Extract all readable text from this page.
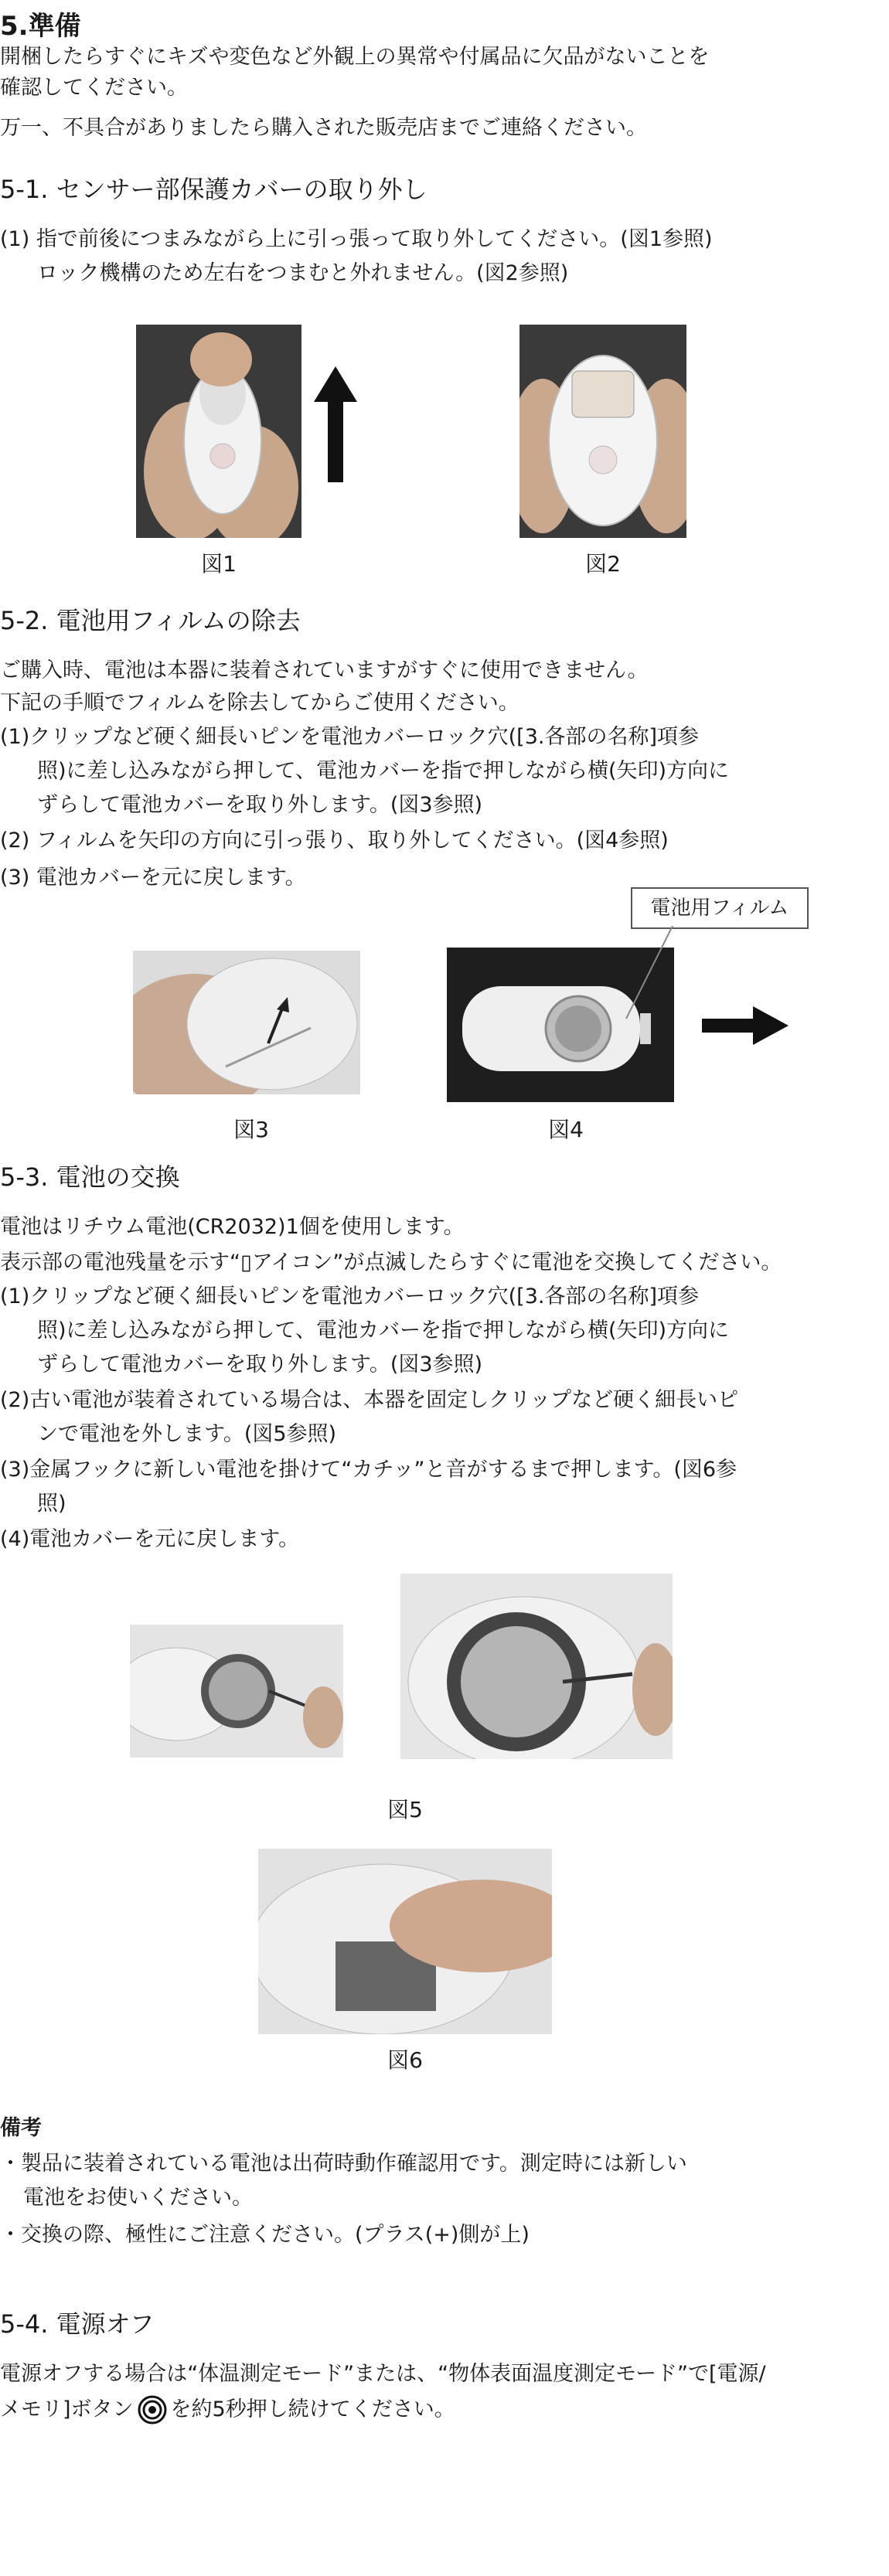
5.準備
開梱したらすぐにキズや変色など外観上の異常や付属品に欠品がないことを
確認してください。
万一、不具合がありましたら購入された販売店までご連絡ください。
5-1. センサー部保護カバーの取り外し
(1) 指で前後につまみながら上に引っ張って取り外してください。(図1参照)
ロック機構のため左右をつまむと外れません。(図2参照)
図1	図2
5-2. 電池用フィルムの除去
ご購入時、電池は本器に装着されていますがすぐに使用できません。
下記の手順でフィルムを除去してからご使用ください。
(1)クリップなど硬く細長いピンを電池カバーロック穴([3.各部の名称]項参
照)に差し込みながら押して、電池カバーを指で押しながら横(矢印)方向に
ずらして電池カバーを取り外します。(図3参照)
(2) フィルムを矢印の方向に引っ張り、取り外してください。(図4参照)
(3) 電池カバーを元に戻します。
図3
電池用フィルム
図4
5-3. 電池の交換
電池はリチウム電池(CR2032)1個を使用します。
表示部の電池残量を示す“▯アイコン”が点滅したらすぐに電池を交換してください。
(1)クリップなど硬く細長いピンを電池カバーロック穴([3.各部の名称]項参
照)に差し込みながら押して、電池カバーを指で押しながら横(矢印)方向に
ずらして電池カバーを取り外します。(図3参照)
(2)古い電池が装着されている場合は、本器を固定しクリップなど硬く細長いピ
ンで電池を外します。(図5参照)
(3)金属フックに新しい電池を掛けて“カチッ”と音がするまで押します。(図6参
照)
(4)電池カバーを元に戻します。
図5
図6
備考
・製品に装着されている電池は出荷時動作確認用です。測定時には新しい
電池をお使いください。
・交換の際、極性にご注意ください。(プラス(+)側が上)
5-4. 電源オフ
電源オフする場合は“体温測定モード”または、“物体表面温度測定モード”で[電源/
メモリ]ボタン を約5秒押し続けてください。
